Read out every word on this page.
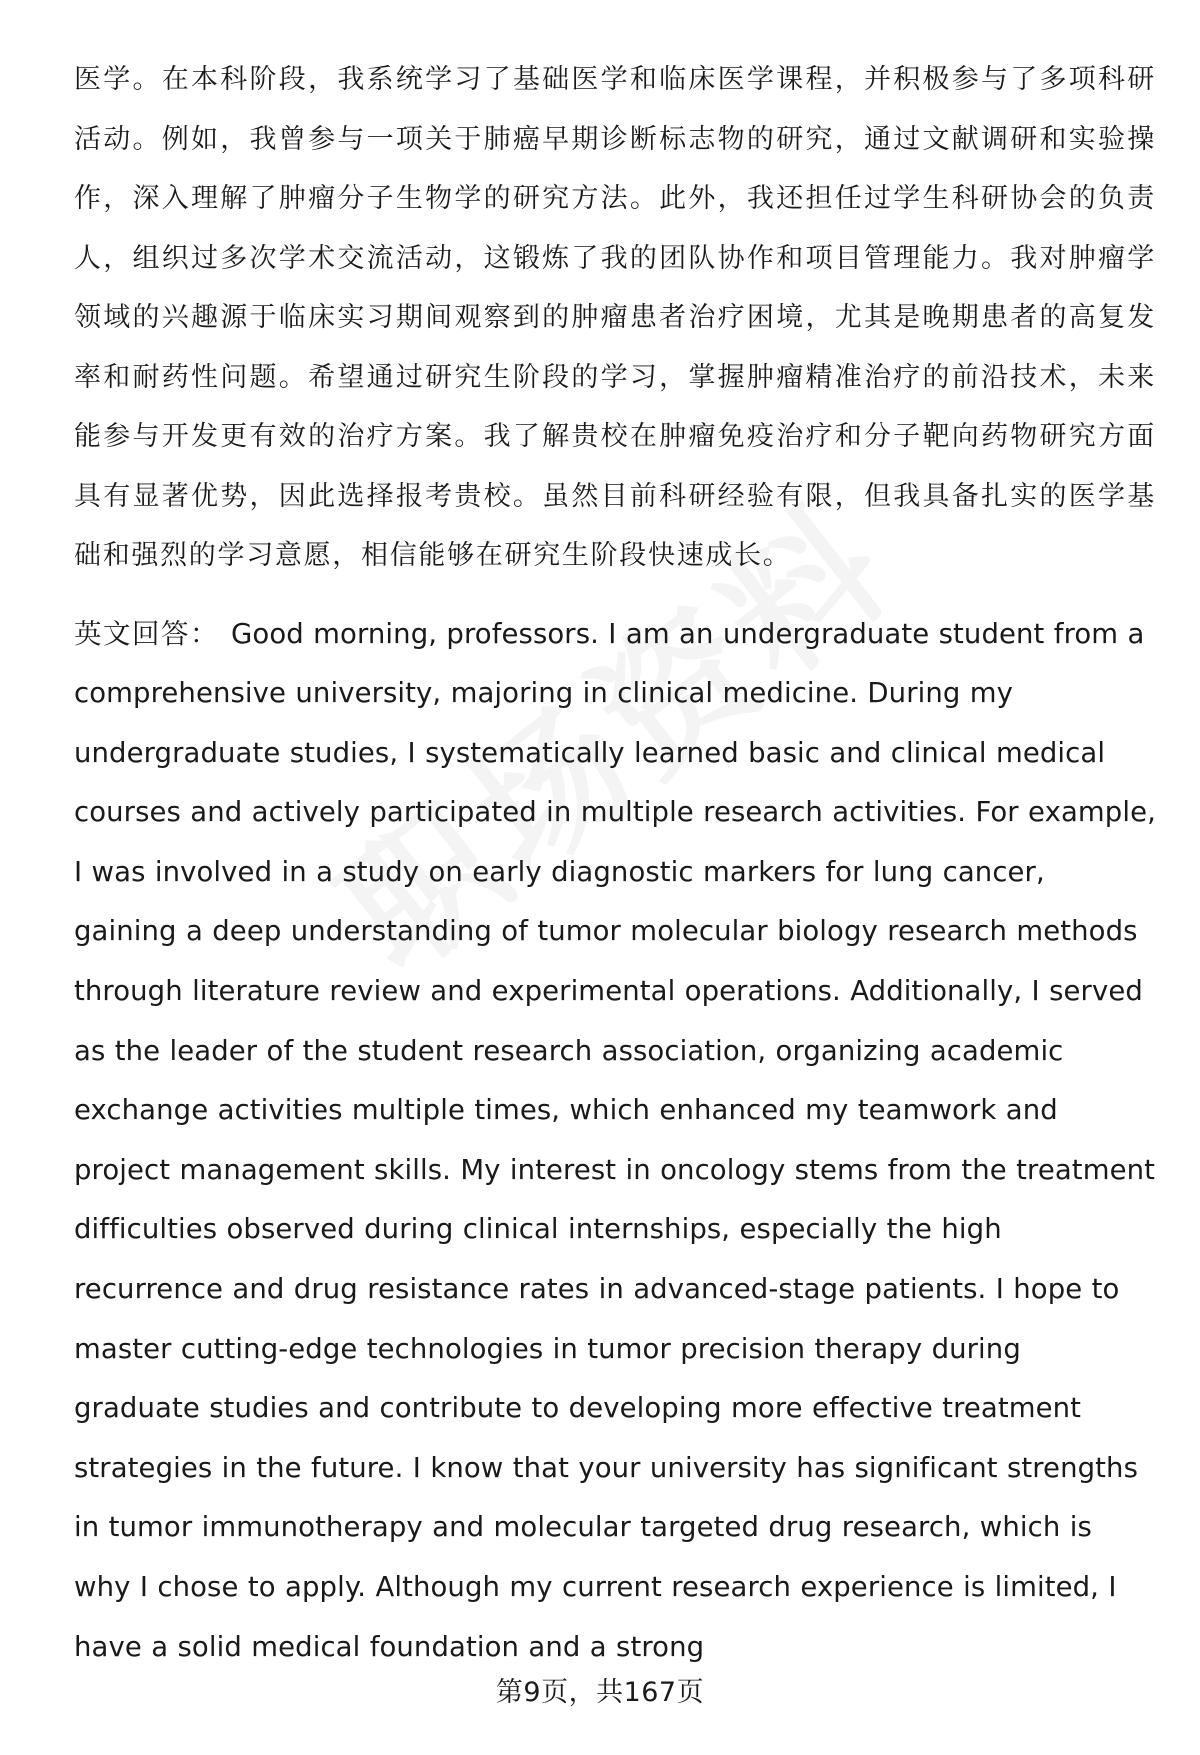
医学。在本科阶段，我系统学习了基础医学和临床医学课程，并积极参与了多项科研活动。例如，我曾参与一项关于肺癌早期诊断标志物的研究，通过文献调研和实验操作，深入理解了肿瘤分子生物学的研究方法。此外，我还担任过学生科研协会的负责人，组织过多次学术交流活动，这锻炼了我的团队协作和项目管理能力。我对肿瘤学领域的兴趣源于临床实习期间观察到的肿瘤患者治疗困境，尤其是晚期患者的高复发率和耐药性问题。希望通过研究生阶段的学习，掌握肿瘤精准治疗的前沿技术，未来能参与开发更有效的治疗方案。我了解贵校在肿瘤免疫治疗和分子靶向药物研究方面具有显著优势，因此选择报考贵校。虽然目前科研经验有限，但我具备扎实的医学基础和强烈的学习意愿，相信能够在研究生阶段快速成长。

英文回答： Good morning, professors. I am an undergraduate student from a comprehensive university, majoring in clinical medicine. During my undergraduate studies, I systematically learned basic and clinical medical courses and actively participated in multiple research activities. For example, I was involved in a study on early diagnostic markers for lung cancer, gaining a deep understanding of tumor molecular biology research methods through literature review and experimental operations. Additionally, I served as the leader of the student research association, organizing academic exchange activities multiple times, which enhanced my teamwork and project management skills. My interest in oncology stems from the treatment difficulties observed during clinical internships, especially the high recurrence and drug resistance rates in advanced-stage patients. I hope to master cutting-edge technologies in tumor precision therapy during graduate studies and contribute to developing more effective treatment strategies in the future. I know that your university has significant strengths in tumor immunotherapy and molecular targeted drug research, which is why I chose to apply. Although my current research experience is limited, I have a solid medical foundation and a strong

第9页，共167页
